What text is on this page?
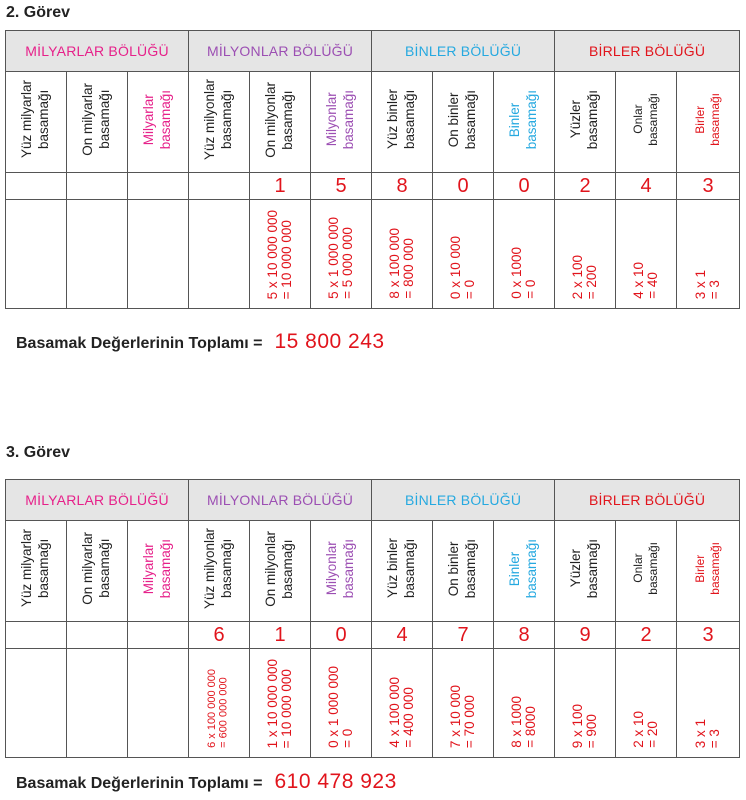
2. Görev
MİLYARLAR BÖLÜĞÜ			MİLYONLAR BÖLÜĞÜ			BİNLER BÖLÜĞÜ			BİRLER BÖLÜĞÜ		
Yüz milyarlar basamağı	On milyarlar basamağı	Milyarlar basamağı	Yüz milyonlar basamağı	On milyonlar basamağı	Milyonlar basamağı	Yüz binler basamağı	On binler basamağı	Binler basamağı	Yüzler basamağı	Onlar
basamağı	Birler
basamağı
				1	5	8	0	0	2	4	3
				5 x 10 000 000
= 10 000 000	5 x 1 000 000
= 5 000 000	8 x 100 000
= 800 000	0 x 10 000
= 0	0 x 1000
= 0	2 x 100
= 200	4 x 10
= 40	3 x 1
= 3
Basamak Değerlerinin Toplamı = 15 800 243
3. Görev
MİLYARLAR BÖLÜĞÜ			MİLYONLAR BÖLÜĞÜ			BİNLER BÖLÜĞÜ			BİRLER BÖLÜĞÜ		
Yüz milyarlar basamağı	On milyarlar basamağı	Milyarlar basamağı	Yüz milyonlar basamağı	On milyonlar basamağı	Milyonlar basamağı	Yüz binler basamağı	On binler basamağı	Binler basamağı	Yüzler basamağı	Onlar
basamağı	Birler
basamağı
			6	1	0	4	7	8	9	2	3
			6 x 100 000 000
= 600 000 000	1 x 10 000 000
= 10 000 000	0 x 1 000 000
= 0	4 x 100 000
= 400 000	7 x 10 000
= 70 000	8 x 1000
= 8000	9 x 100
= 900	2 x 10
= 20	3 x 1
= 3
Basamak Değerlerinin Toplamı = 610 478 923
